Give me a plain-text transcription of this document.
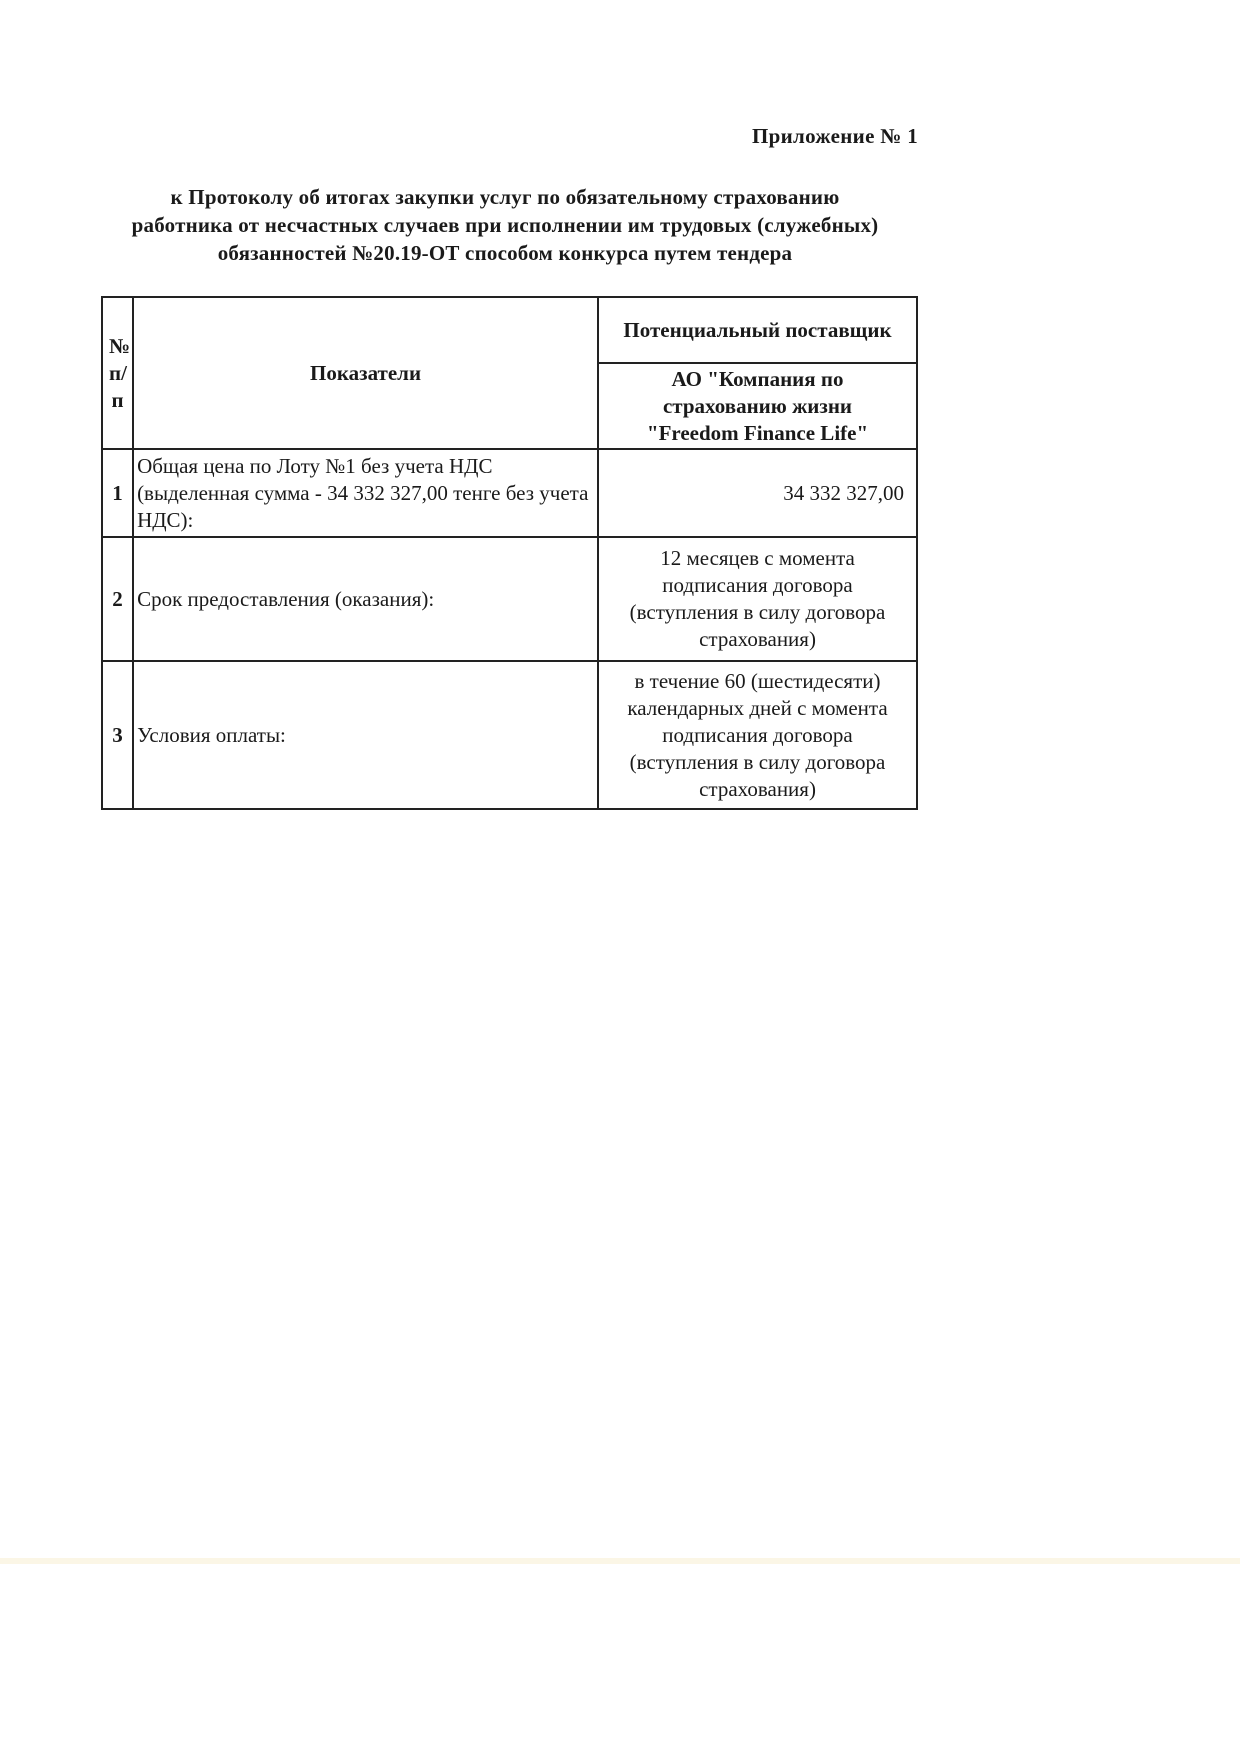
Приложение № 1
к Протоколу об итогах закупки услуг по обязательному страхованию
работника от несчастных случаев при исполнении им трудовых (служебных)
обязанностей №20.19-ОТ способом конкурса путем тендера
№ п/п	Показатели	Потенциальный поставщик

		АО "Компания по
страхованию жизни
"Freedom Finance Life"

1	Общая цена по Лоту №1 без учета НДС (выделенная сумма - 34 332 327,00 тенге без учета НДС):	34 332 327,00

2	Срок предоставления (оказания):	12 месяцев с момента
подписания договора
(вступления в силу договора
страхования)

3	Условия оплаты:	в течение 60 (шестидесяти)
календарных дней с момента
подписания договора
(вступления в силу договора
страхования)
